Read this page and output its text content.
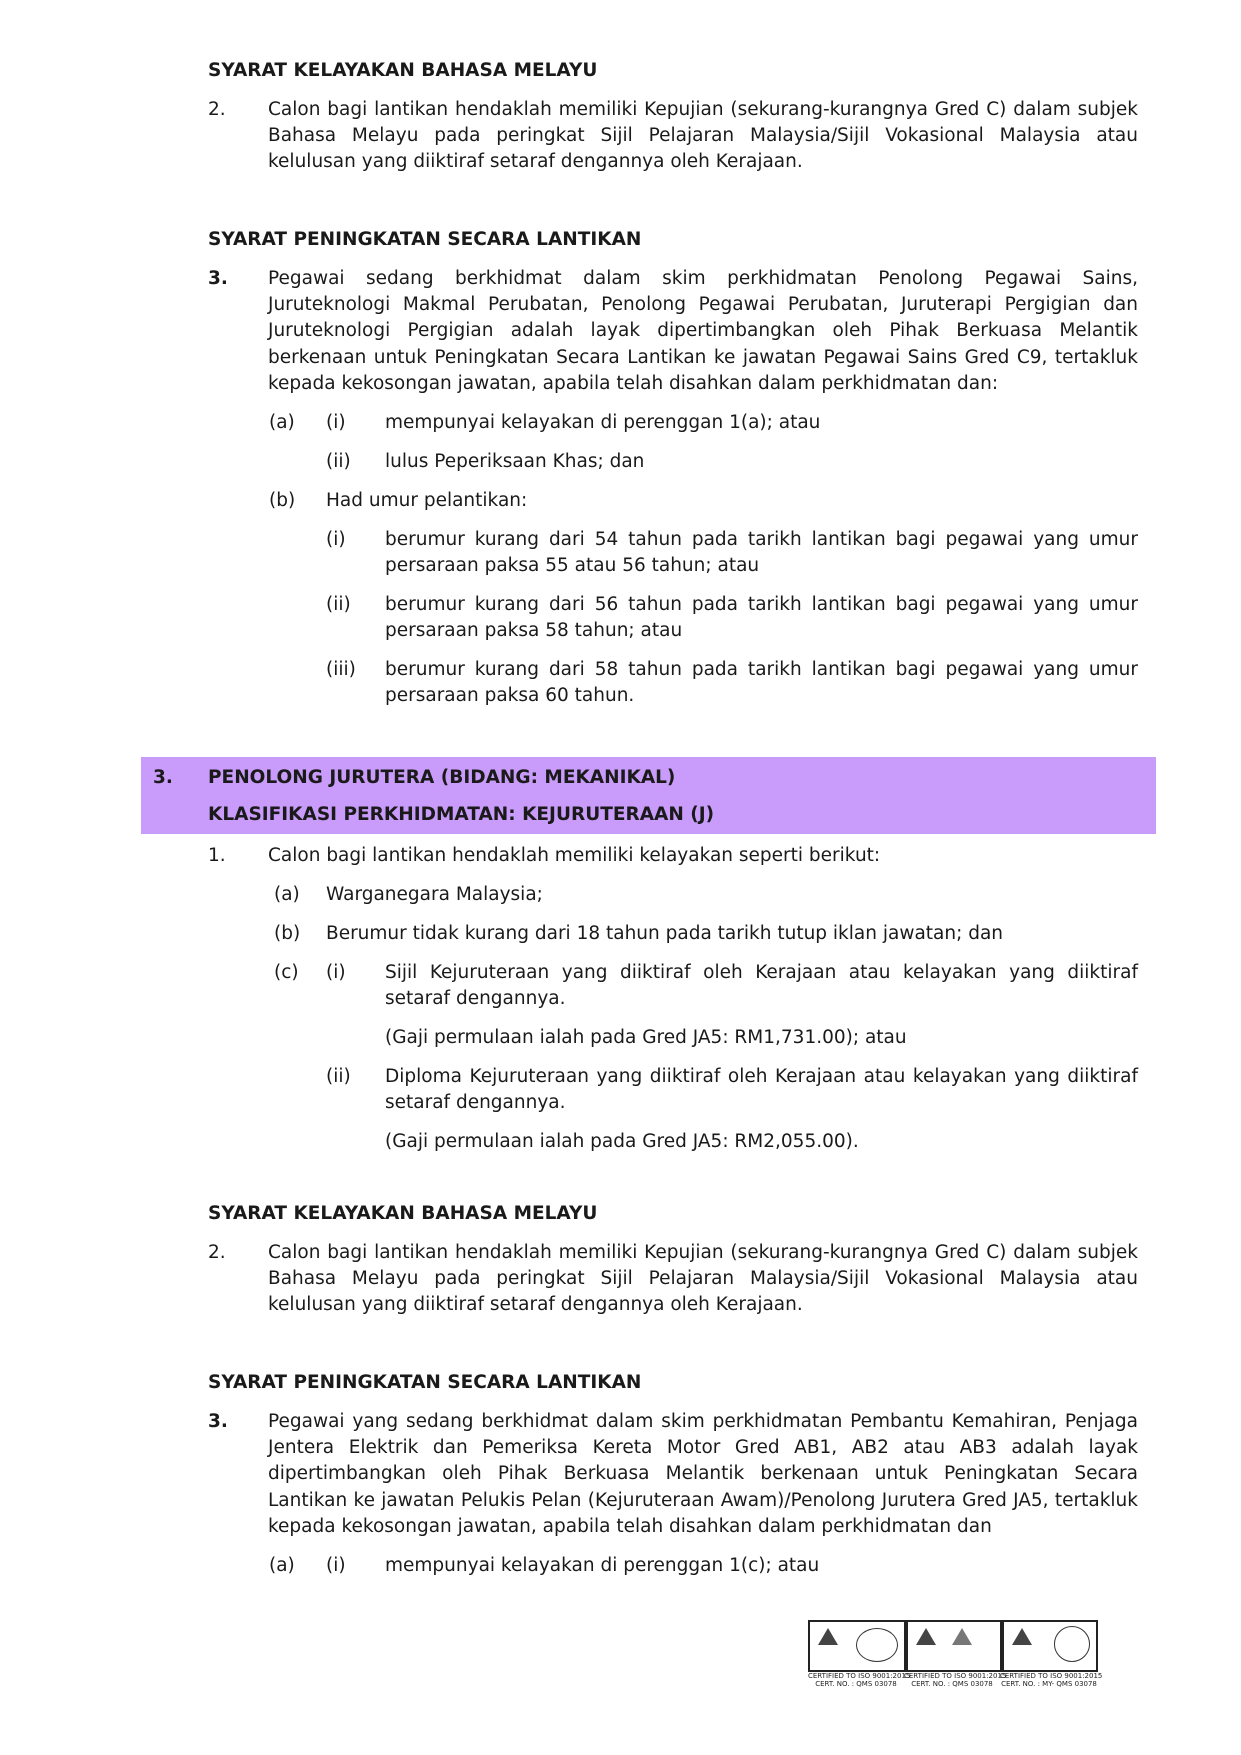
SYARAT KELAYAKAN BAHASA MELAYU
2. Calon bagi lantikan hendaklah memiliki Kepujian (sekurang-kurangnya Gred C) dalam subjek Bahasa Melayu pada peringkat Sijil Pelajaran Malaysia/Sijil Vokasional Malaysia atau kelulusan yang diiktiraf setaraf dengannya oleh Kerajaan.
SYARAT PENINGKATAN SECARA LANTIKAN
3. Pegawai sedang berkhidmat dalam skim perkhidmatan Penolong Pegawai Sains, Juruteknologi Makmal Perubatan, Penolong Pegawai Perubatan, Juruterapi Pergigian dan Juruteknologi Pergigian adalah layak dipertimbangkan oleh Pihak Berkuasa Melantik berkenaan untuk Peningkatan Secara Lantikan ke jawatan Pegawai Sains Gred C9, tertakluk kepada kekosongan jawatan, apabila telah disahkan dalam perkhidmatan dan:
(a) (i) mempunyai kelayakan di perenggan 1(a); atau
(ii) lulus Peperiksaan Khas; dan
(b) Had umur pelantikan:
(i) berumur kurang dari 54 tahun pada tarikh lantikan bagi pegawai yang umur persaraan paksa 55 atau 56 tahun; atau
(ii) berumur kurang dari 56 tahun pada tarikh lantikan bagi pegawai yang umur persaraan paksa 58 tahun; atau
(iii) berumur kurang dari 58 tahun pada tarikh lantikan bagi pegawai yang umur persaraan paksa 60 tahun.
3. PENOLONG JURUTERA (BIDANG: MEKANIKAL)
KLASIFIKASI PERKHIDMATAN: KEJURUTERAAN (J)
1. Calon bagi lantikan hendaklah memiliki kelayakan seperti berikut:
(a) Warganegara Malaysia;
(b) Berumur tidak kurang dari 18 tahun pada tarikh tutup iklan jawatan; dan
(c) (i) Sijil Kejuruteraan yang diiktiraf oleh Kerajaan atau kelayakan yang diiktiraf setaraf dengannya.
(Gaji permulaan ialah pada Gred JA5: RM1,731.00); atau
(ii) Diploma Kejuruteraan yang diiktiraf oleh Kerajaan atau kelayakan yang diiktiraf setaraf dengannya.
(Gaji permulaan ialah pada Gred JA5: RM2,055.00).
SYARAT KELAYAKAN BAHASA MELAYU
2. Calon bagi lantikan hendaklah memiliki Kepujian (sekurang-kurangnya Gred C) dalam subjek Bahasa Melayu pada peringkat Sijil Pelajaran Malaysia/Sijil Vokasional Malaysia atau kelulusan yang diiktiraf setaraf dengannya oleh Kerajaan.
SYARAT PENINGKATAN SECARA LANTIKAN
3. Pegawai yang sedang berkhidmat dalam skim perkhidmatan Pembantu Kemahiran, Penjaga Jentera Elektrik dan Pemeriksa Kereta Motor Gred AB1, AB2 atau AB3 adalah layak dipertimbangkan oleh Pihak Berkuasa Melantik berkenaan untuk Peningkatan Secara Lantikan ke jawatan Pelukis Pelan (Kejuruteraan Awam)/Penolong Jurutera Gred JA5, tertakluk kepada kekosongan jawatan, apabila telah disahkan dalam perkhidmatan dan
(a) (i) mempunyai kelayakan di perenggan 1(c); atau
CERTIFIED TO ISO 9001:2015
CERT. NO. : QMS 03078
CERTIFIED TO ISO 9001:2015
CERT. NO. : QMS 03078
CERTIFIED TO ISO 9001:2015
CERT. NO. : MY- QMS 03078
